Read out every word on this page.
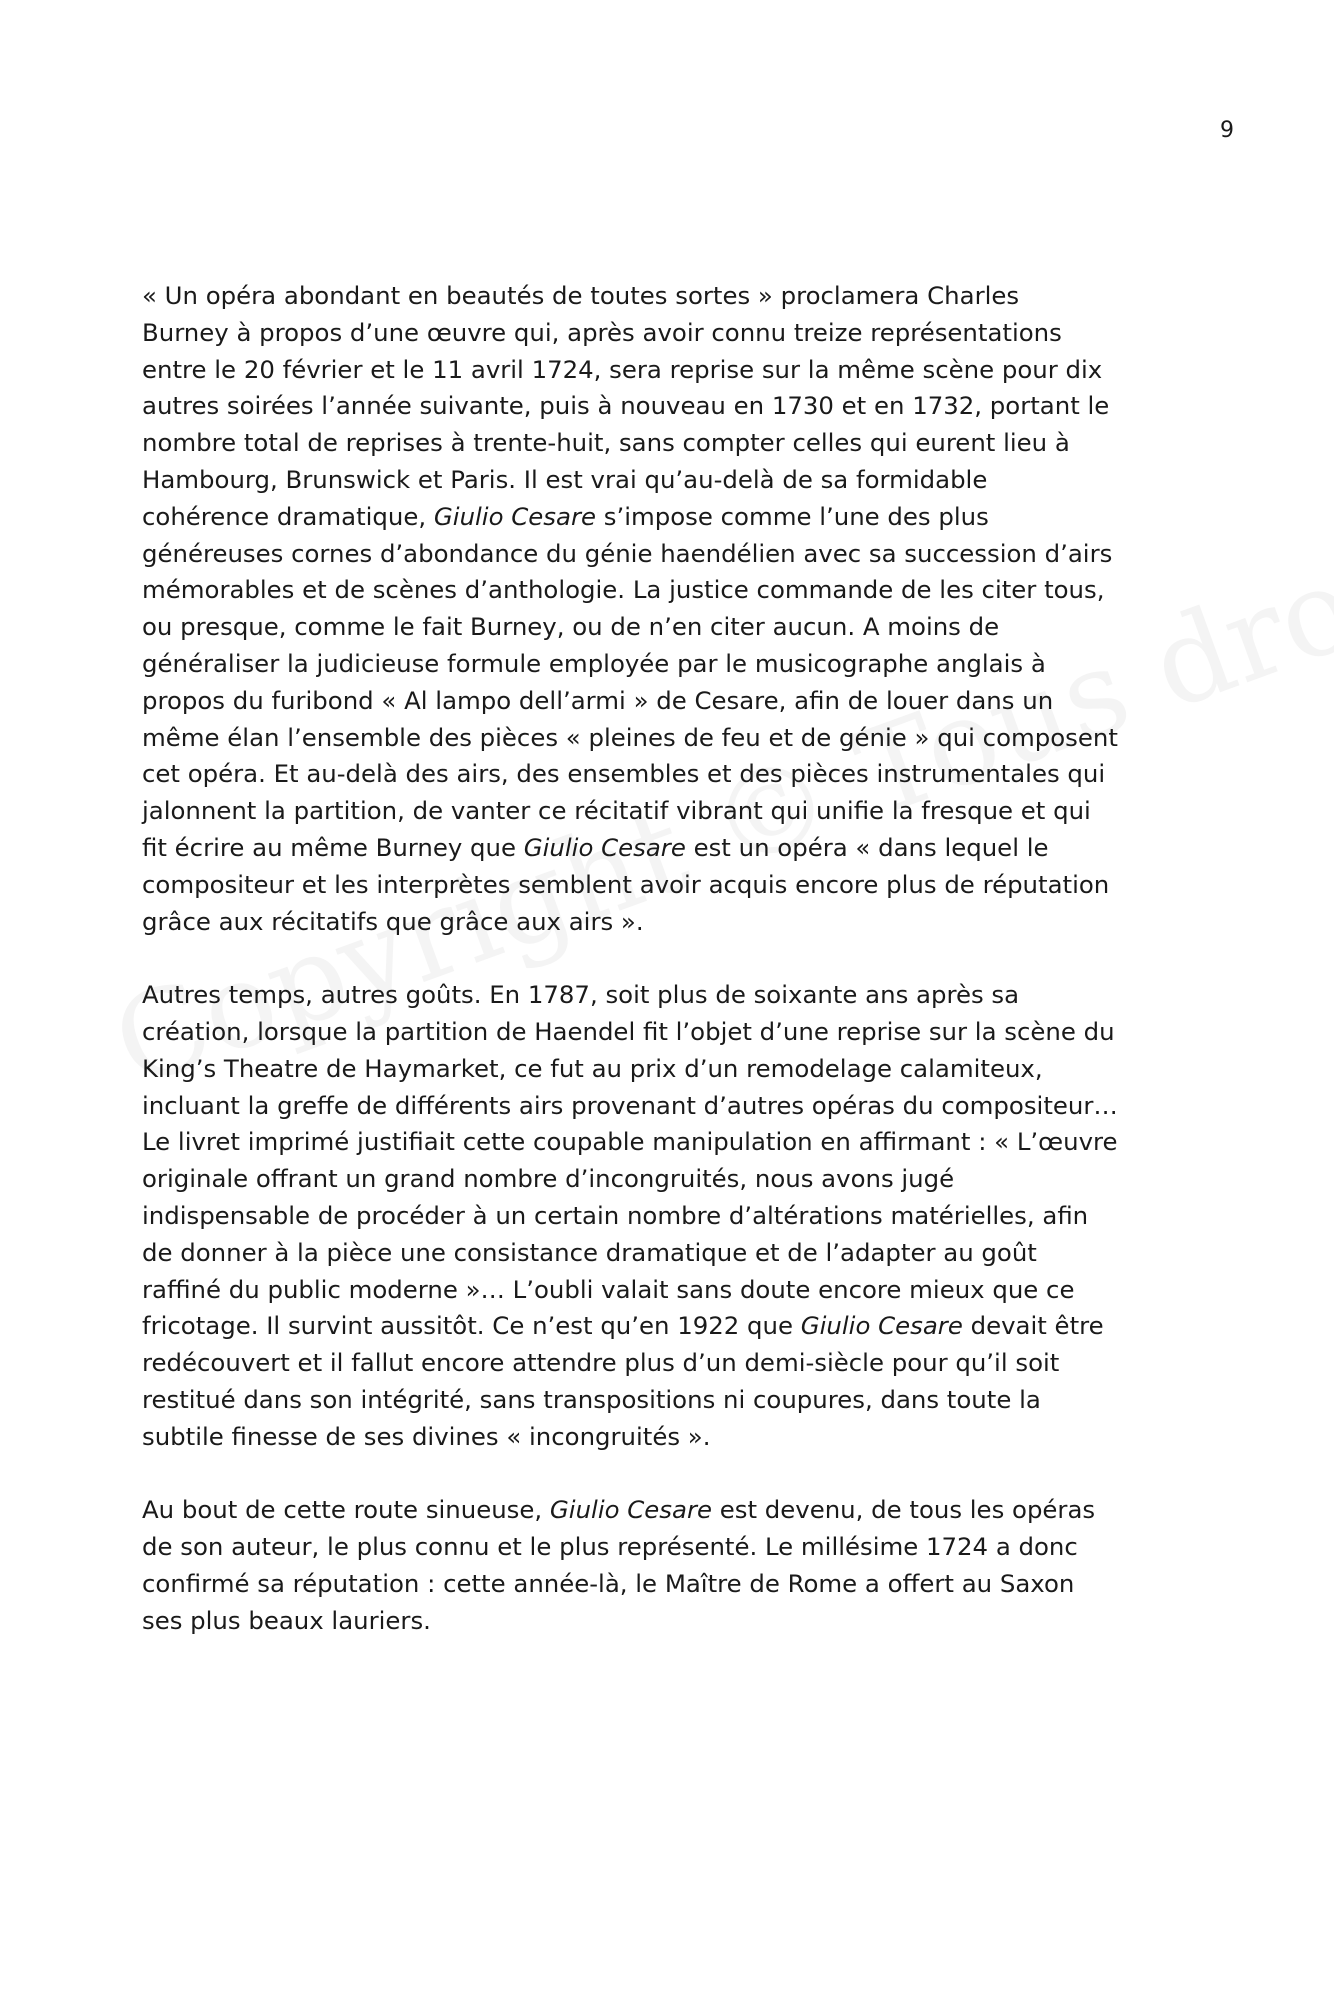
9

« Un opéra abondant en beautés de toutes sortes » proclamera Charles
Burney à propos d’une œuvre qui, après avoir connu treize représentations
entre le 20 février et le 11 avril 1724, sera reprise sur la même scène pour dix
autres soirées l’année suivante, puis à nouveau en 1730 et en 1732, portant le
nombre total de reprises à trente-huit, sans compter celles qui eurent lieu à
Hambourg, Brunswick et Paris. Il est vrai qu’au-delà de sa formidable
cohérence dramatique, Giulio Cesare s’impose comme l’une des plus
généreuses cornes d’abondance du génie haendélien avec sa succession d’airs
mémorables et de scènes d’anthologie. La justice commande de les citer tous,
ou presque, comme le fait Burney, ou de n’en citer aucun. A moins de
généraliser la judicieuse formule employée par le musicographe anglais à
propos du furibond « Al lampo dell’armi » de Cesare, afin de louer dans un
même élan l’ensemble des pièces « pleines de feu et de génie » qui composent
cet opéra. Et au-delà des airs, des ensembles et des pièces instrumentales qui
jalonnent la partition, de vanter ce récitatif vibrant qui unifie la fresque et qui
fit écrire au même Burney que Giulio Cesare est un opéra « dans lequel le
compositeur et les interprètes semblent avoir acquis encore plus de réputation
grâce aux récitatifs que grâce aux airs ».

Autres temps, autres goûts. En 1787, soit plus de soixante ans après sa
création, lorsque la partition de Haendel fit l’objet d’une reprise sur la scène du
King’s Theatre de Haymarket, ce fut au prix d’un remodelage calamiteux,
incluant la greffe de différents airs provenant d’autres opéras du compositeur…
Le livret imprimé justifiait cette coupable manipulation en affirmant : « L’œuvre
originale offrant un grand nombre d’incongruités, nous avons jugé
indispensable de procéder à un certain nombre d’altérations matérielles, afin
de donner à la pièce une consistance dramatique et de l’adapter au goût
raffiné du public moderne »… L’oubli valait sans doute encore mieux que ce
fricotage. Il survint aussitôt. Ce n’est qu’en 1922 que Giulio Cesare devait être
redécouvert et il fallut encore attendre plus d’un demi-siècle pour qu’il soit
restitué dans son intégrité, sans transpositions ni coupures, dans toute la
subtile finesse de ses divines « incongruités ».

Au bout de cette route sinueuse, Giulio Cesare est devenu, de tous les opéras
de son auteur, le plus connu et le plus représenté. Le millésime 1724 a donc
confirmé sa réputation : cette année-là, le Maître de Rome a offert au Saxon
ses plus beaux lauriers.
